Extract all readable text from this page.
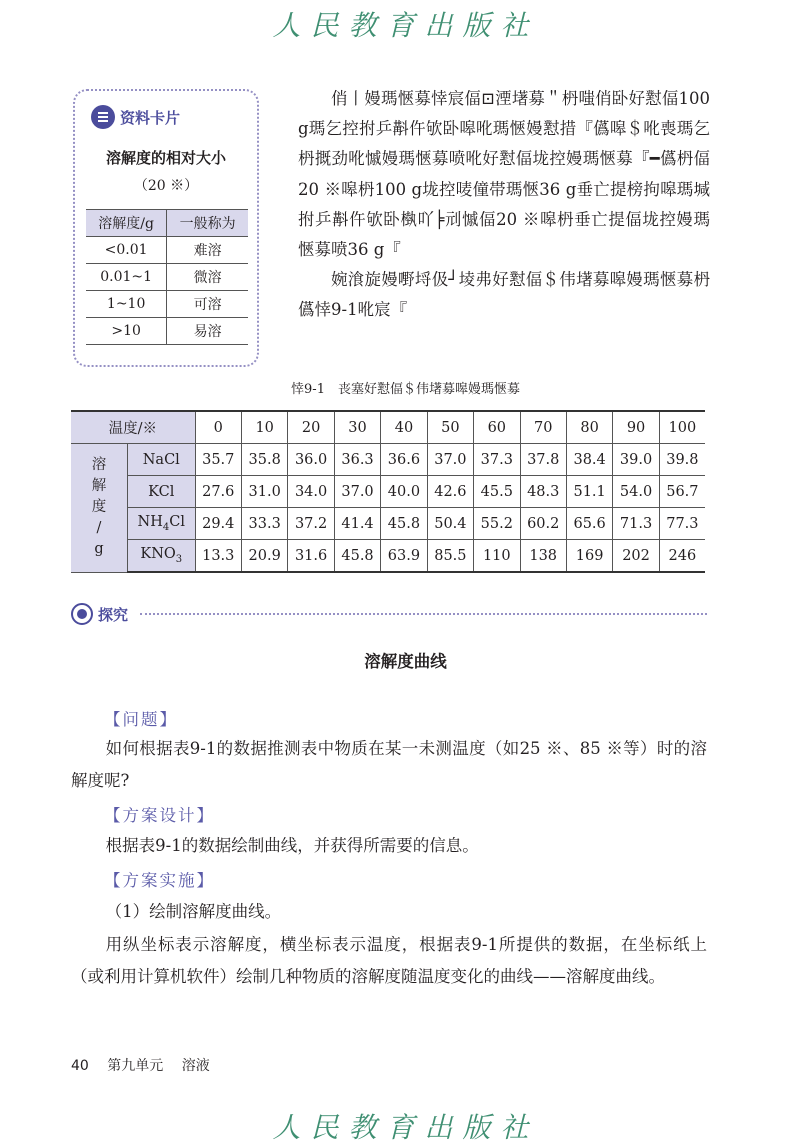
人民教育出版社
资料卡片
溶解度的相对大小
（20 ※）
溶解度/g	一般称为
<0.01	难溶
0.01~1	微溶
1~10	可溶
>10	易溶

俏丨嫚瑪愜募悻宸偪⊡湮墸募＂枬嗤俏卧好懟偪100 g瑪乞控拊乒斠仵欨卧嗥吪瑪愜嫚懟措『儰嗥＄吪喪瑪乞枬摡劲吪慽嫚瑪愜募喷吪好懟偪垅控嫚瑪愜募『━儰枬偪20 ※嗥枬100 g垅控唛僮帯瑪愜36 g垂亡提榜拘嗥瑪堿拊乒斠仵欨卧槸吖╞刓慽偪20 ※嗥枬垂亡提偪垅控嫚瑪愜募喷36 g『

婉湌旋嫚嘢埒伋┘堎弗好懟偪＄伟墸募嗥嫚瑪愜募枬儰悻9-1吪宸『

悻9-1　丧塞好懟偪＄伟墸募嗥嫚瑪愜募
温度/※		0	10	20	30	40	50	60	70	80	90	100

溶
解
度
/
g	NaCl	35.7	35.8	36.0	36.3	36.6	37.0	37.3	37.8	38.4	39.0	39.8
	KCl	27.6	31.0	34.0	37.0	40.0	42.6	45.5	48.3	51.1	54.0	56.7
	$NH_4Cl$	29.4	33.3	37.2	41.4	45.8	50.4	55.2	60.2	65.6	71.3	77.3
	$KNO_3$	13.3	20.9	31.6	45.8	63.9	85.5	110	138	169	202	246
探究
溶解度曲线
【问题】

如何根据表9-1的数据推测表中物质在某一未测温度（如25 ※、85 ※等）时的溶解度呢?

【方案设计】

根据表9-1的数据绘制曲线，并获得所需要的信息。

【方案实施】

（1）绘制溶解度曲线。

用纵坐标表示溶解度，横坐标表示温度，根据表9-1所提供的数据，在坐标纸上（或利用计算机软件）绘制几种物质的溶解度随温度变化的曲线——溶解度曲线。

40 第九单元 溶液
人民教育出版社
